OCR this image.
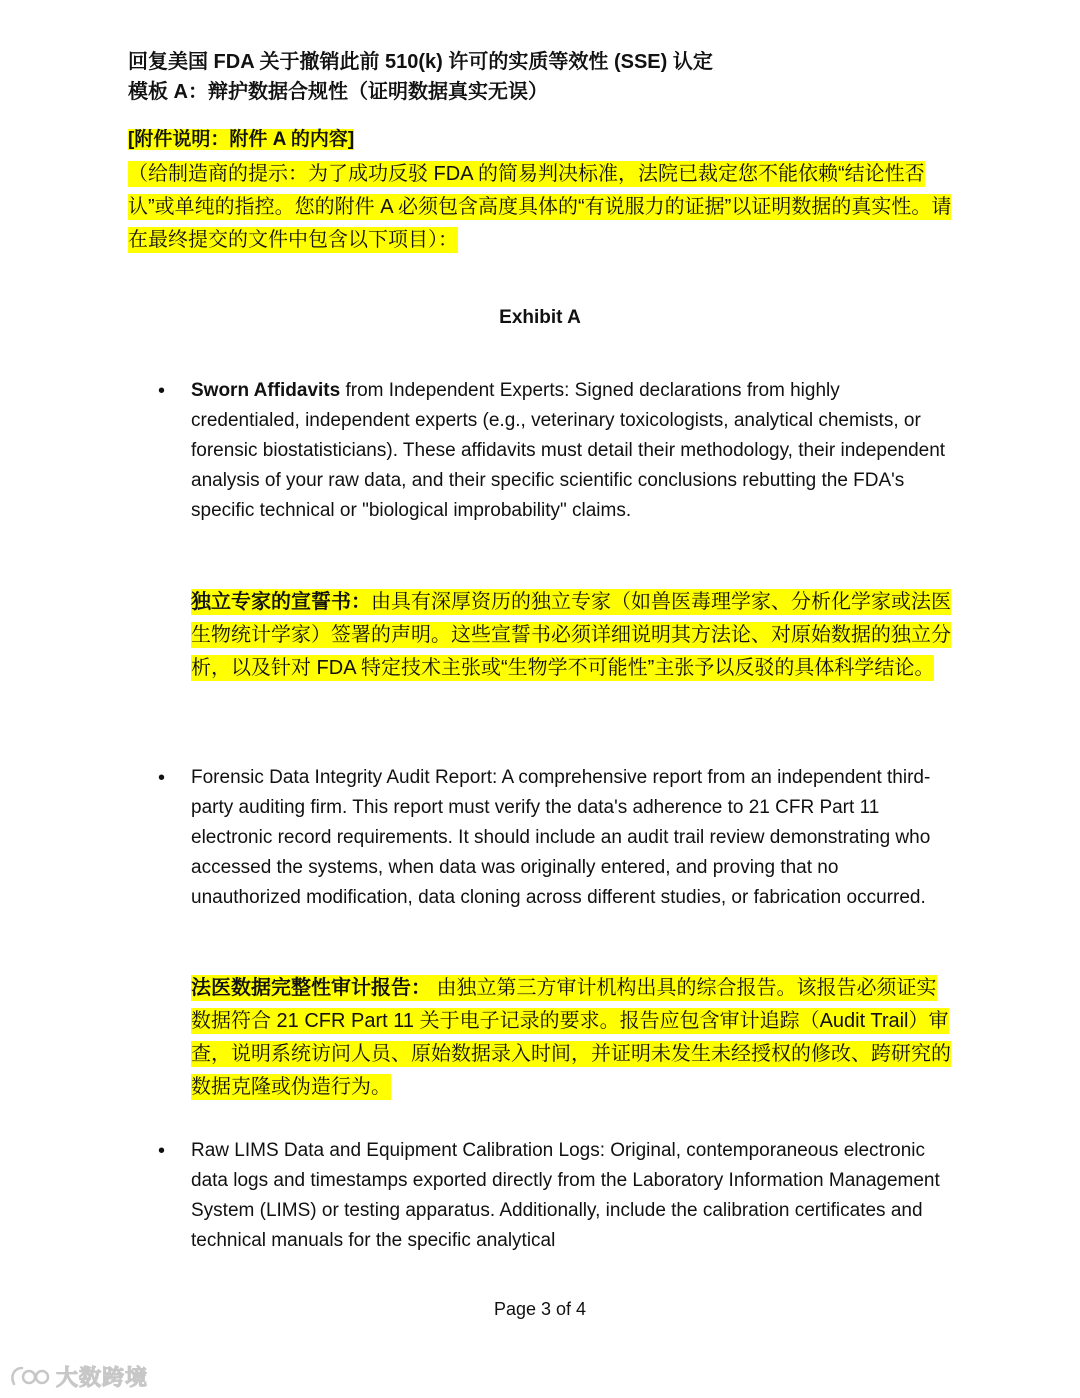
回复美国 FDA 关于撤销此前 510(k) 许可的实质等效性 (SSE) 认定

模板 A：辩护数据合规性（证明数据真实无误）

[附件说明：附件 A 的内容]

（给制造商的提示：为了成功反驳 FDA 的简易判决标准，法院已裁定您不能依赖“结论性否认”或单纯的指控。您的附件 A 必须包含高度具体的“有说服力的证据”以证明数据的真实性。请在最终提交的文件中包含以下项目）：

Exhibit A

• Sworn Affidavits from Independent Experts: Signed declarations from highly credentialed, independent experts (e.g., veterinary toxicologists, analytical chemists, or forensic biostatisticians). These affidavits must detail their methodology, their independent analysis of your raw data, and their specific scientific conclusions rebutting the FDA's specific technical or "biological improbability" claims.

独立专家的宣誓书：由具有深厚资历的独立专家（如兽医毒理学家、分析化学家或法医生物统计学家）签署的声明。这些宣誓书必须详细说明其方法论、对原始数据的独立分析，以及针对 FDA 特定技术主张或“生物学不可能性”主张予以反驳的具体科学结论。

• Forensic Data Integrity Audit Report: A comprehensive report from an independent third-party auditing firm. This report must verify the data's adherence to 21 CFR Part 11 electronic record requirements. It should include an audit trail review demonstrating who accessed the systems, when data was originally entered, and proving that no unauthorized modification, data cloning across different studies, or fabrication occurred.

法医数据完整性审计报告： 由独立第三方审计机构出具的综合报告。该报告必须证实数据符合 21 CFR Part 11 关于电子记录的要求。报告应包含审计追踪（Audit Trail）审查，说明系统访问人员、原始数据录入时间，并证明未发生未经授权的修改、跨研究的数据克隆或伪造行为。

• Raw LIMS Data and Equipment Calibration Logs: Original, contemporaneous electronic data logs and timestamps exported directly from the Laboratory Information Management System (LIMS) or testing apparatus. Additionally, include the calibration certificates and technical manuals for the specific analytical

Page 3 of 4

大数跨境
